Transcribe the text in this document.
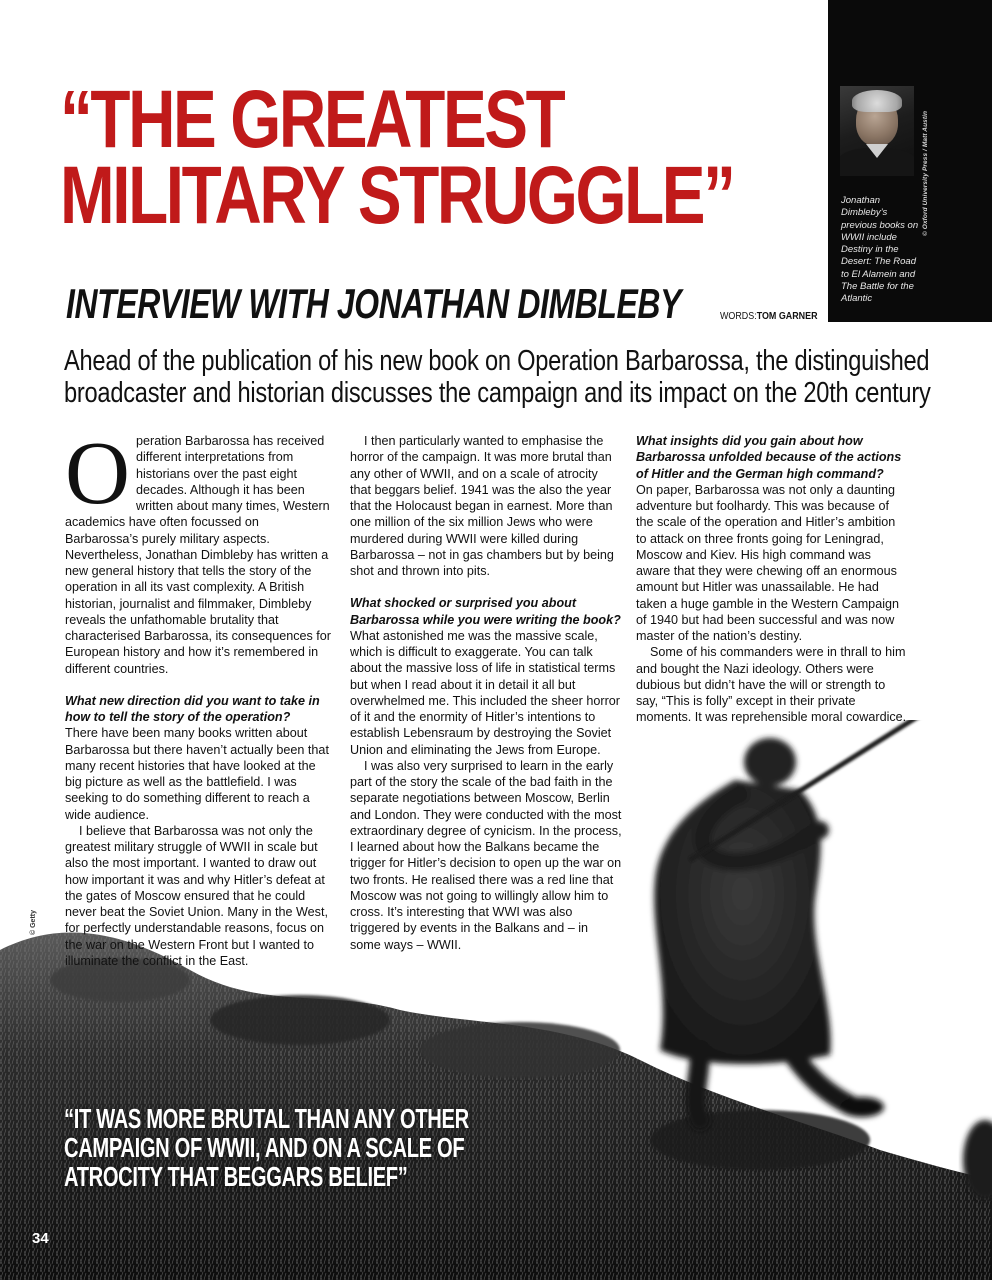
Jonathan Dimbleby’s previous books on WWII include Destiny in the Desert: The Road to El Alamein and The Battle for the Atlantic
© Oxford University Press / Matt Austin
“THE GREATEST
MILITARY STRUGGLE”
INTERVIEW WITH JONATHAN DIMBLEBY	WORDS:TOM GARNER
Ahead of the publication of his new book on Operation Barbarossa, the distinguished
broadcaster and historian discusses the campaign and its impact on the 20th century

Operation Barbarossa has received different interpretations from historians over the past eight decades. Although it has been written about many times, Western academics have often focussed on Barbarossa’s purely military aspects. Nevertheless, Jonathan Dimbleby has written a new general history that tells the story of the operation in all its vast complexity. A British historian, journalist and filmmaker, Dimbleby reveals the unfathomable brutality that characterised Barbarossa, its consequences for European history and how it’s remembered in different countries.

What new direction did you want to take in how to tell the story of the operation?

There have been many books written about Barbarossa but there haven’t actually been that many recent histories that have looked at the big picture as well as the battlefield. I was seeking to do something different to reach a wide audience.

I believe that Barbarossa was not only the greatest military struggle of WWII in scale but also the most important. I wanted to draw out how important it was and why Hitler’s defeat at the gates of Moscow ensured that he could never beat the Soviet Union. Many in the West, for perfectly understandable reasons, focus on the war on the Western Front but I wanted to illuminate the conflict in the East.

I then particularly wanted to emphasise the horror of the campaign. It was more brutal than any other of WWII, and on a scale of atrocity that beggars belief. 1941 was the also the year that the Holocaust began in earnest. More than one million of the six million Jews who were murdered during WWII were killed during Barbarossa – not in gas chambers but by being shot and thrown into pits.

What shocked or surprised you about Barbarossa while you were writing the book?

What astonished me was the massive scale, which is difficult to exaggerate. You can talk about the massive loss of life in statistical terms but when I read about it in detail it all but overwhelmed me. This included the sheer horror of it and the enormity of Hitler’s intentions to establish Lebensraum by destroying the Soviet Union and eliminating the Jews from Europe.

I was also very surprised to learn in the early part of the story the scale of the bad faith in the separate negotiations between Moscow, Berlin and London. They were conducted with the most extraordinary degree of cynicism. In the process, I learned about how the Balkans became the trigger for Hitler’s decision to open up the war on two fronts. He realised there was a red line that Moscow was not going to willingly allow him to cross. It’s interesting that WWI was also triggered by events in the Balkans and – in some ways – WWII.

What insights did you gain about how Barbarossa unfolded because of the actions of Hitler and the German high command?

On paper, Barbarossa was not only a daunting adventure but foolhardy. This was because of the scale of the operation and Hitler’s ambition to attack on three fronts going for Leningrad, Moscow and Kiev. His high command was aware that they were chewing off an enormous amount but Hitler was unassailable. He had taken a huge gamble in the Western Campaign of 1940 but had been successful and was now master of the nation’s destiny.

Some of his commanders were in thrall to him and bought the Nazi ideology. Others were dubious but didn’t have the will or strength to say, “This is folly” except in their private moments. It was reprehensible moral cowardice.

© Getty
“IT WAS MORE BRUTAL THAN ANY OTHER
CAMPAIGN OF WWII, AND ON A SCALE OF
ATROCITY THAT BEGGARS BELIEF”
34
